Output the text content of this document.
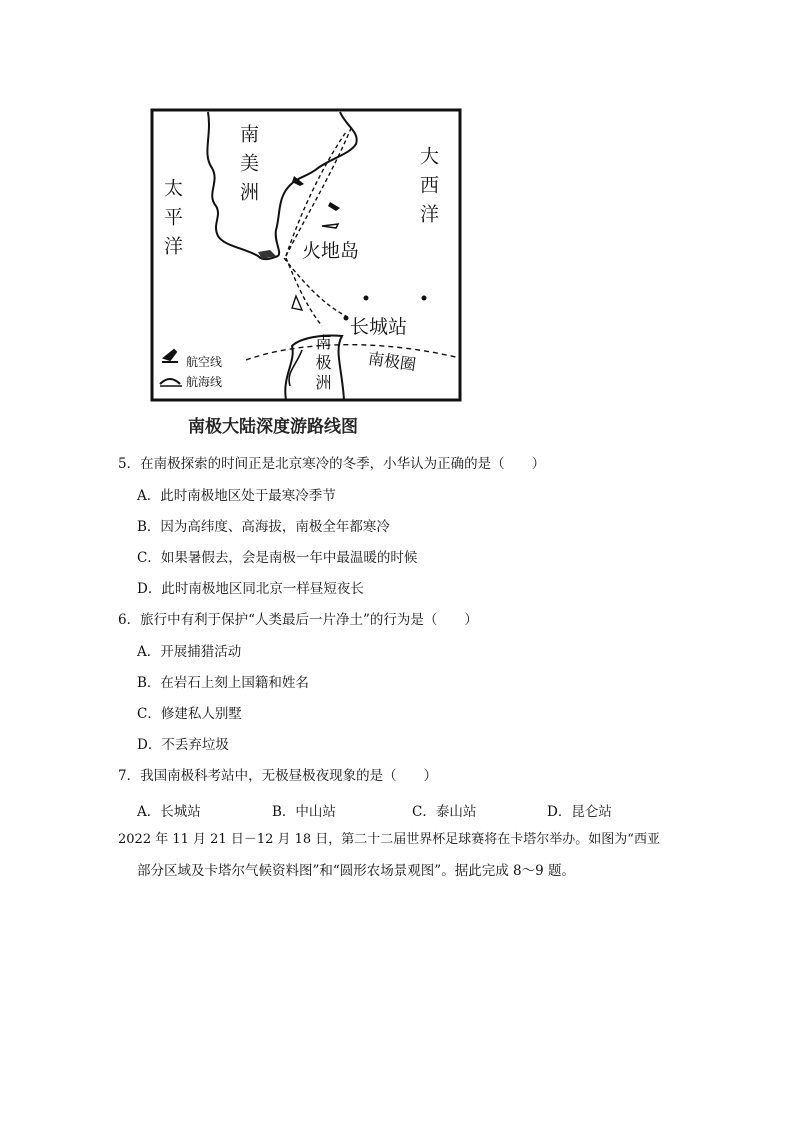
南美洲	大西洋
太平洋	火地岛
长城站
南极洲 南极圈
航空线
航海线
南极大陆深度游路线图
5．在南极探索的时间正是北京寒冷的冬季，小华认为正确的是（　　）
A．此时南极地区处于最寒冷季节
B．因为高纬度、高海拔，南极全年都寒冷
C．如果暑假去，会是南极一年中最温暖的时候
D．此时南极地区同北京一样昼短夜长
6．旅行中有利于保护“人类最后一片净土”的行为是（　　）
A．开展捕猎活动
B．在岩石上刻上国籍和姓名
C．修建私人别墅
D．不丢弃垃圾
7．我国南极科考站中，无极昼极夜现象的是（　　）
A．长城站	B．中山站	C．泰山站	D．昆仑站
2022 年 11 月 21 日－12 月 18 日，第二十二届世界杯足球赛将在卡塔尔举办。如图为“西亚
部分区域及卡塔尔气候资料图”和“圆形农场景观图”。据此完成 8～9 题。
